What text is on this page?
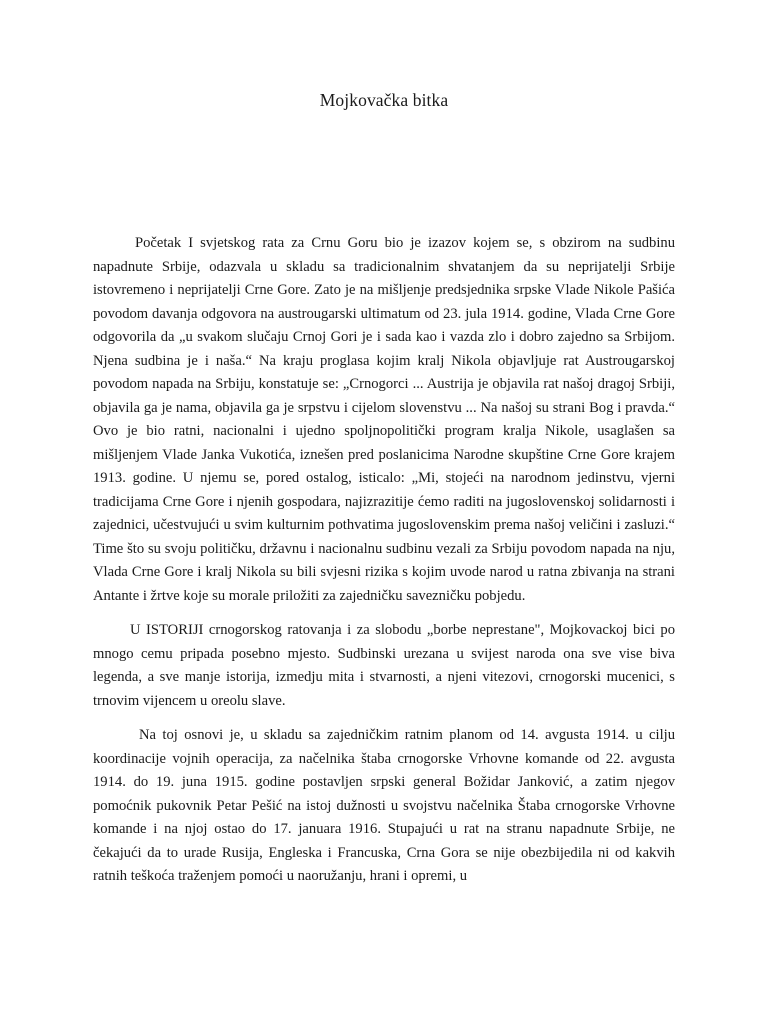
Mojkovačka bitka

Početak I svjetskog rata za Crnu Goru bio je izazov kojem se, s obzirom na sudbinu napadnute Srbije, odazvala u skladu sa tradicionalnim shvatanjem da su neprijatelji Srbije istovremeno i neprijatelji Crne Gore. Zato je na mišljenje predsjednika srpske Vlade Nikole Pašića povodom davanja odgovora na austrougarski ultimatum od 23. jula 1914. godine, Vlada Crne Gore odgovorila da „u svakom slučaju Crnoj Gori je i sada kao i vazda zlo i dobro zajedno sa Srbijom. Njena sudbina je i naša.“ Na kraju proglasa kojim kralj Nikola objavljuje rat Austrougarskoj povodom napada na Srbiju, konstatuje se: „Crnogorci ... Austrija je objavila rat našoj dragoj Srbiji, objavila ga je nama, objavila ga je srpstvu i cijelom slovenstvu ... Na našoj su strani Bog i pravda.“ Ovo je bio ratni, nacionalni i ujedno spoljnopolitički program kralja Nikole, usaglašen sa mišljenjem Vlade Janka Vukotića, iznešen pred poslanicima Narodne skupštine Crne Gore krajem 1913. godine. U njemu se, pored ostalog, isticalo: „Mi, stojeći na narodnom jedinstvu, vjerni tradicijama Crne Gore i njenih gospodara, najizrazitije ćemo raditi na jugoslovenskoj solidarnosti i zajednici, učestvujući u svim kulturnim pothvatima jugoslovenskim prema našoj veličini i zasluzi.“ Time što su svoju političku, državnu i nacionalnu sudbinu vezali za Srbiju povodom napada na nju, Vlada Crne Gore i kralj Nikola su bili svjesni rizika s kojim uvode narod u ratna zbivanja na strani Antante i žrtve koje su morale priložiti za zajedničku savezničku pobjedu.

U ISTORIJI crnogorskog ratovanja i za slobodu „borbe neprestane", Mojkovackoj bici po mnogo cemu pripada posebno mjesto. Sudbinski urezana u svijest naroda ona sve vise biva legenda, a sve manje istorija, izmedju mita i stvarnosti, a njeni vitezovi, crnogorski mucenici, s trnovim vijencem u oreolu slave.

Na toj osnovi je, u skladu sa zajedničkim ratnim planom od 14. avgusta 1914. u cilju koordinacije vojnih operacija, za načelnika štaba crnogorske Vrhovne komande od 22. avgusta 1914. do 19. juna 1915. godine postavljen srpski general Božidar Janković, a zatim njegov pomoćnik pukovnik Petar Pešić na istoj dužnosti u svojstvu načelnika Štaba crnogorske Vrhovne komande i na njoj ostao do 17. januara 1916. Stupajući u rat na stranu napadnute Srbije, ne čekajući da to urade Rusija, Engleska i Francuska, Crna Gora se nije obezbijedila ni od kakvih ratnih teškoća traženjem pomoći u naoružanju, hrani i opremi, u
